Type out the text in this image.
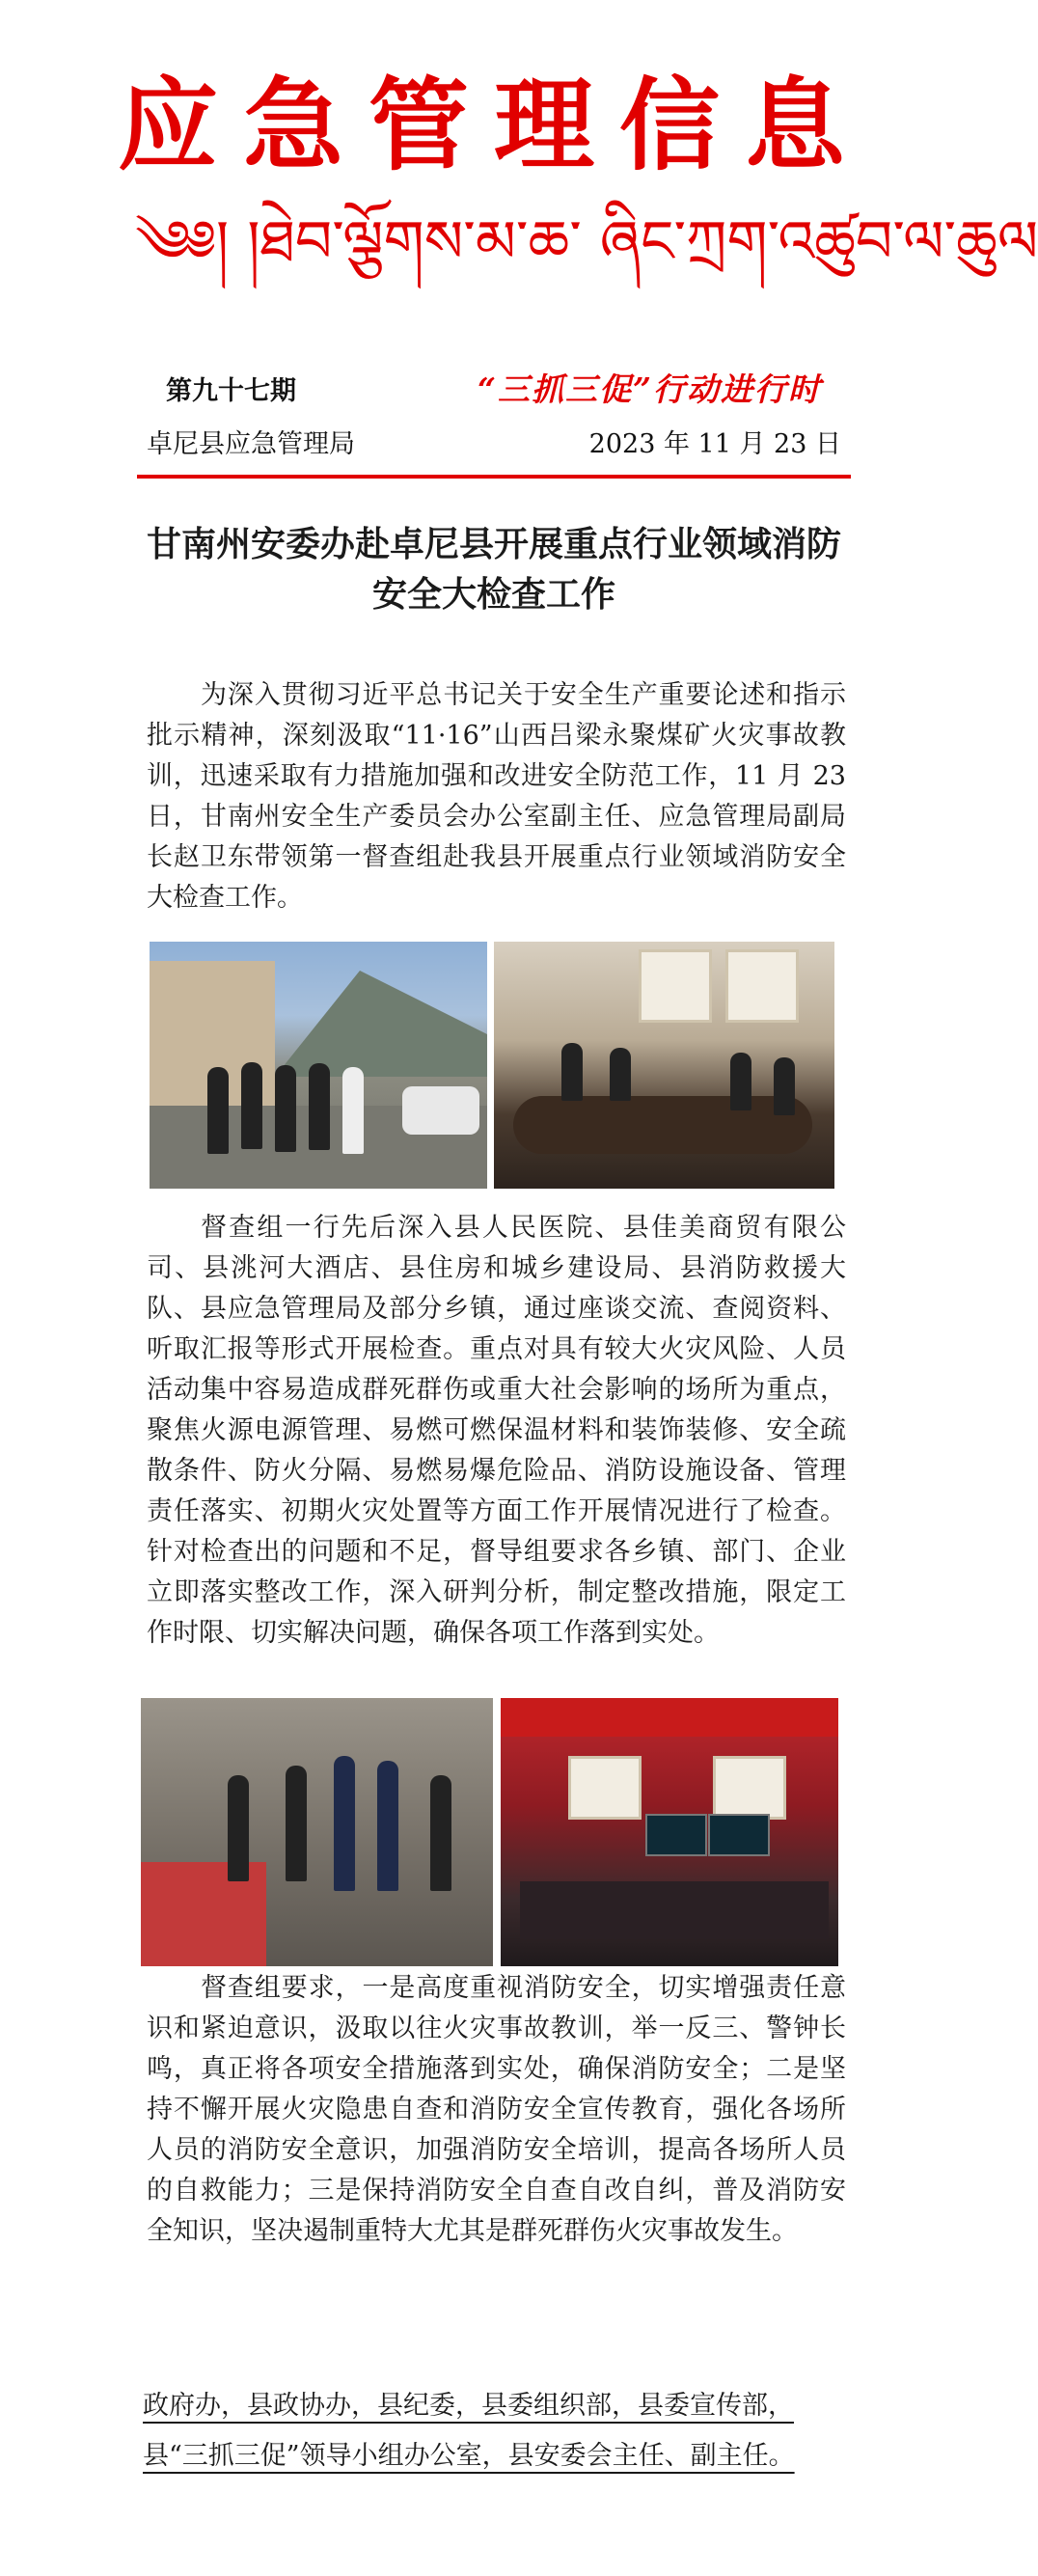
应急管理信息
༄༅། །ཐེབ་ལྕོགས་མ་ཆ་ ཞིང་ཀྲག་འཚུབ་ལ་ཆུལ
第九十七期	“三抓三促”行动进行时
卓尼县应急管理局	2023 年 11 月 23 日
甘南州安委办赴卓尼县开展重点行业领域消防
安全大检查工作

为深入贯彻习近平总书记关于安全生产重要论述和指示批示精神，深刻汲取“11·16”山西吕梁永聚煤矿火灾事故教训，迅速采取有力措施加强和改进安全防范工作，11 月 23 日，甘南州安全生产委员会办公室副主任、应急管理局副局长赵卫东带领第一督查组赴我县开展重点行业领域消防安全大检查工作。

督查组一行先后深入县人民医院、县佳美商贸有限公司、县洮河大酒店、县住房和城乡建设局、县消防救援大队、县应急管理局及部分乡镇，通过座谈交流、查阅资料、听取汇报等形式开展检查。重点对具有较大火灾风险、人员活动集中容易造成群死群伤或重大社会影响的场所为重点，聚焦火源电源管理、易燃可燃保温材料和装饰装修、安全疏散条件、防火分隔、易燃易爆危险品、消防设施设备、管理责任落实、初期火灾处置等方面工作开展情况进行了检查。针对检查出的问题和不足，督导组要求各乡镇、部门、企业立即落实整改工作，深入研判分析，制定整改措施，限定工作时限、切实解决问题，确保各项工作落到实处。

督查组要求，一是高度重视消防安全，切实增强责任意识和紧迫意识，汲取以往火灾事故教训，举一反三、警钟长鸣，真正将各项安全措施落到实处，确保消防安全；二是坚持不懈开展火灾隐患自查和消防安全宣传教育，强化各场所人员的消防安全意识，加强消防安全培训，提高各场所人员的自救能力；三是保持消防安全自查自改自纠，普及消防安全知识，坚决遏制重特大尤其是群死群伤火灾事故发生。

政府办，县政协办，县纪委，县委组织部，县委宣传部，县“三抓三促”领导小组办公室，县安委会主任、副主任。
